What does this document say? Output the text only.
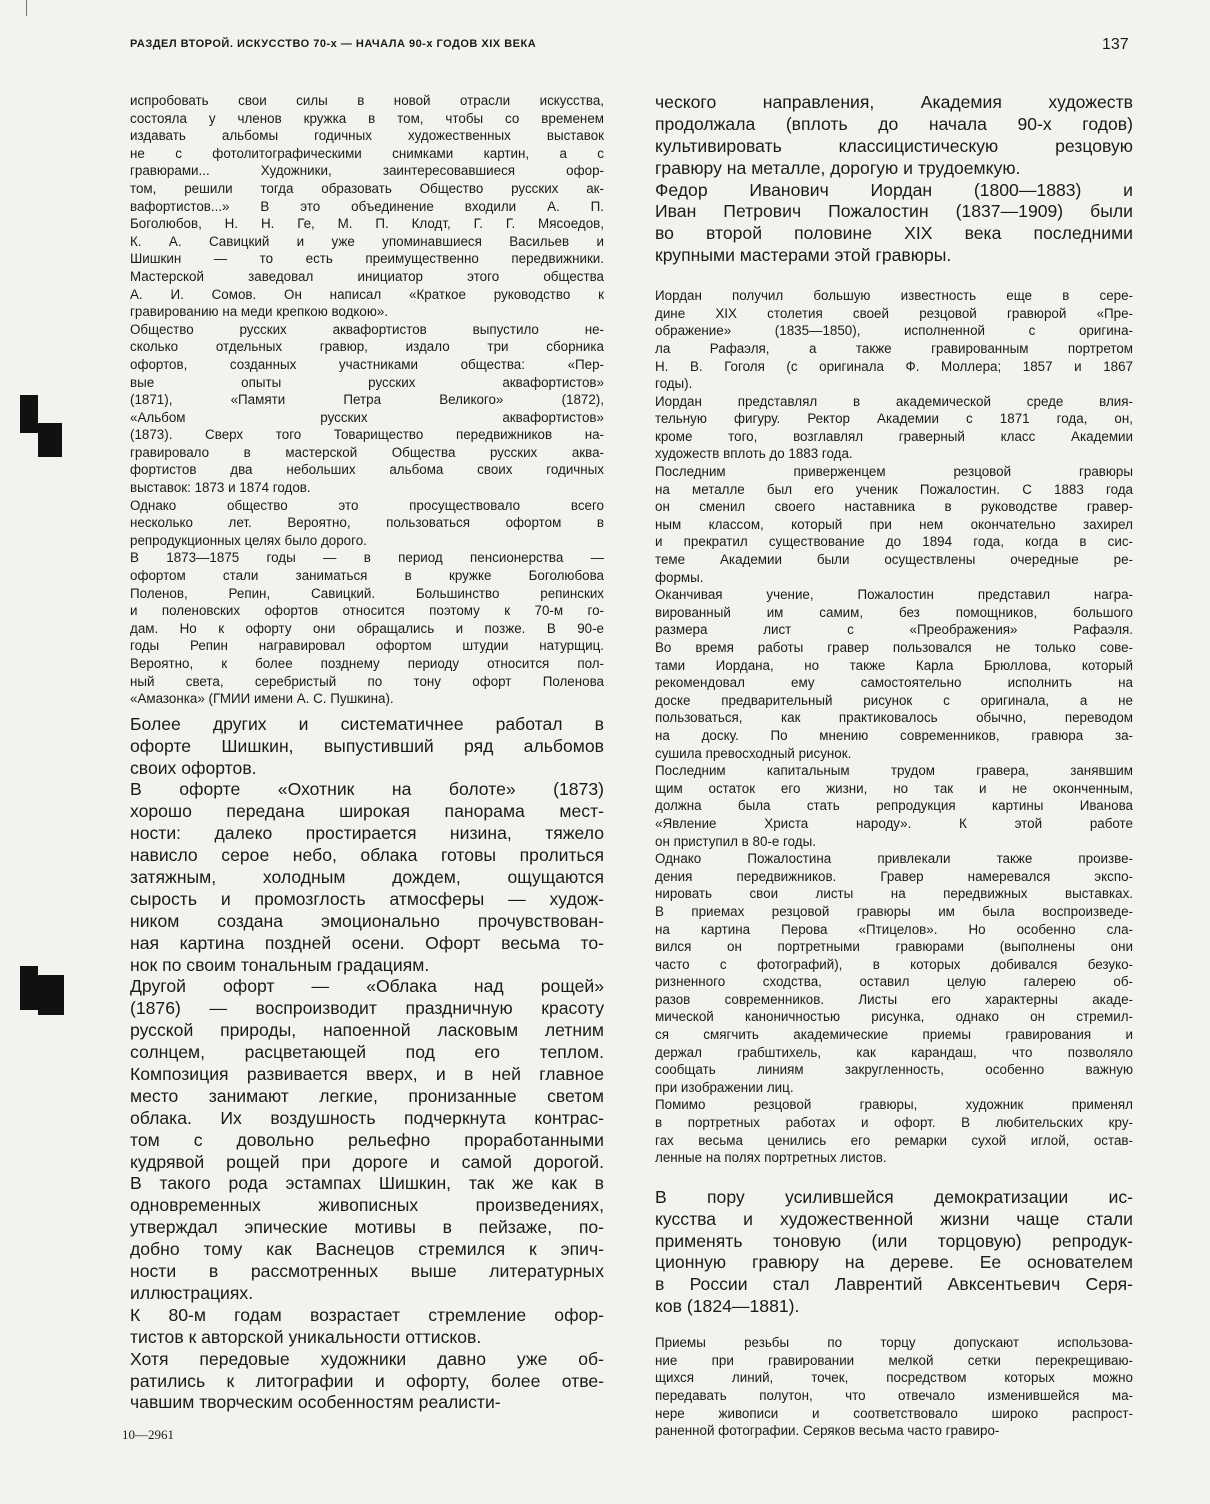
РАЗДЕЛ ВТОРОЙ. ИСКУССТВО 70-х — НАЧАЛА 90-х ГОДОВ XIX ВЕКА	137
испробовать свои силы в новой отрасли искусства,
состояла у членов кружка в том, чтобы со временем
издавать альбомы годичных художественных выставок
не с фотолитографическими снимками картин, а с
гравюрами... Художники, заинтересовавшиеся офор-
том, решили тогда образовать Общество русских ак-
вафортистов...» В это объединение входили А. П.
Боголюбов, Н. Н. Ге, М. П. Клодт, Г. Г. Мясоедов,
К. А. Савицкий и уже упоминавшиеся Васильев и
Шишкин — то есть преимущественно передвижники.
Мастерской заведовал инициатор этого общества
А. И. Сомов. Он написал «Краткое руководство к
гравированию на меди крепкою водкою».
Общество русских аквафортистов выпустило не-
сколько отдельных гравюр, издало три сборника
офортов, созданных участниками общества: «Пер-
вые опыты русских аквафортистов»
(1871), «Памяти Петра Великого» (1872),
«Альбом русских аквафортистов»
(1873). Сверх того Товарищество передвижников на-
гравировало в мастерской Общества русских аква-
фортистов два небольших альбома своих годичных
выставок: 1873 и 1874 годов.
Однако общество это просуществовало всего
несколько лет. Вероятно, пользоваться офортом в
репродукционных целях было дорого.
В 1873—1875 годы — в период пенсионерства —
офортом стали заниматься в кружке Боголюбова
Поленов, Репин, Савицкий. Большинство репинских
и поленовских офортов относится поэтому к 70-м го-
дам. Но к офорту они обращались и позже. В 90-е
годы Репин награвировал офортом штудии натурщиц.
Вероятно, к более позднему периоду относится пол-
ный света, серебристый по тону офорт Поленова
«Амазонка» (ГМИИ имени А. С. Пушкина).
Более других и систематичнее работал в
офорте Шишкин, выпустивший ряд альбомов
своих офортов.
В офорте «Охотник на болоте» (1873)
хорошо передана широкая панорама мест-
ности: далеко простирается низина, тяжело
нависло серое небо, облака готовы пролиться
затяжным, холодным дождем, ощущаются
сырость и промозглость атмосферы — худож-
ником создана эмоционально прочувствован-
ная картина поздней осени. Офорт весьма то-
нок по своим тональным градациям.
Другой офорт — «Облака над рощей»
(1876) — воспроизводит праздничную красоту
русской природы, напоенной ласковым летним
солнцем, расцветающей под его теплом.
Композиция развивается вверх, и в ней главное
место занимают легкие, пронизанные светом
облака. Их воздушность подчеркнута контрас-
том с довольно рельефно проработанными
кудрявой рощей при дороге и самой дорогой.
В такого рода эстампах Шишкин, так же как в
одновременных живописных произведениях,
утверждал эпические мотивы в пейзаже, по-
добно тому как Васнецов стремился к эпич-
ности в рассмотренных выше литературных
иллюстрациях.
К 80-м годам возрастает стремление офор-
тистов к авторской уникальности оттисков.
Хотя передовые художники давно уже об-
ратились к литографии и офорту, более отве-
чавшим творческим особенностям реалисти-
ческого направления, Академия художеств
продолжала (вплоть до начала 90-х годов)
культивировать классицистическую резцовую
гравюру на металле, дорогую и трудоемкую.
Федор Иванович Иордан (1800—1883) и
Иван Петрович Пожалостин (1837—1909) были
во второй половине XIX века последними
крупными мастерами этой гравюры.
Иордан получил большую известность еще в сере-
дине XIX столетия своей резцовой гравюрой «Пре-
ображение» (1835—1850), исполненной с оригина-
ла Рафаэля, а также гравированным портретом
Н. В. Гоголя (с оригинала Ф. Моллера; 1857 и 1867
годы).
Иордан представлял в академической среде влия-
тельную фигуру. Ректор Академии с 1871 года, он,
кроме того, возглавлял граверный класс Академии
художеств вплоть до 1883 года.
Последним приверженцем резцовой гравюры
на металле был его ученик Пожалостин. С 1883 года
он сменил своего наставника в руководстве гравер-
ным классом, который при нем окончательно захирел
и прекратил существование до 1894 года, когда в сис-
теме Академии были осуществлены очередные ре-
формы.
Оканчивая учение, Пожалостин представил награ-
вированный им самим, без помощников, большого
размера лист с «Преображения» Рафаэля.
Во время работы гравер пользовался не только сове-
тами Иордана, но также Карла Брюллова, который
рекомендовал ему самостоятельно исполнить на
доске предварительный рисунок с оригинала, а не
пользоваться, как практиковалось обычно, переводом
на доску. По мнению современников, гравюра за-
сушила превосходный рисунок.
Последним капитальным трудом гравера, занявшим
щим остаток его жизни, но так и не оконченным,
должна была стать репродукция картины Иванова
«Явление Христа народу». К этой работе
он приступил в 80-е годы.
Однако Пожалостина привлекали также произве-
дения передвижников. Гравер намеревался экспо-
нировать свои листы на передвижных выставках.
В приемах резцовой гравюры им была воспроизведе-
на картина Перова «Птицелов». Но особенно сла-
вился он портретными гравюрами (выполнены они
часто с фотографий), в которых добивался безуко-
ризненного сходства, оставил целую галерею об-
разов современников. Листы его характерны акаде-
мической каноничностью рисунка, однако он стремил-
ся смягчить академические приемы гравирования и
держал грабштихель, как карандаш, что позволяло
сообщать линиям закругленность, особенно важную
при изображении лиц.
Помимо резцовой гравюры, художник применял
в портретных работах и офорт. В любительских кру-
гах весьма ценились его ремарки сухой иглой, остав-
ленные на полях портретных листов.
В пору усилившейся демократизации ис-
кусства и художественной жизни чаще стали
применять тоновую (или торцовую) репродук-
ционную гравюру на дереве. Ее основателем
в России стал Лаврентий Авксентьевич Серя-
ков (1824—1881).
Приемы резьбы по торцу допускают использова-
ние при гравировании мелкой сетки перекрещиваю-
щихся линий, точек, посредством которых можно
передавать полутон, что отвечало изменившейся ма-
нере живописи и соответствовало широко распрост-
раненной фотографии. Серяков весьма часто гравиро-
10—2961
